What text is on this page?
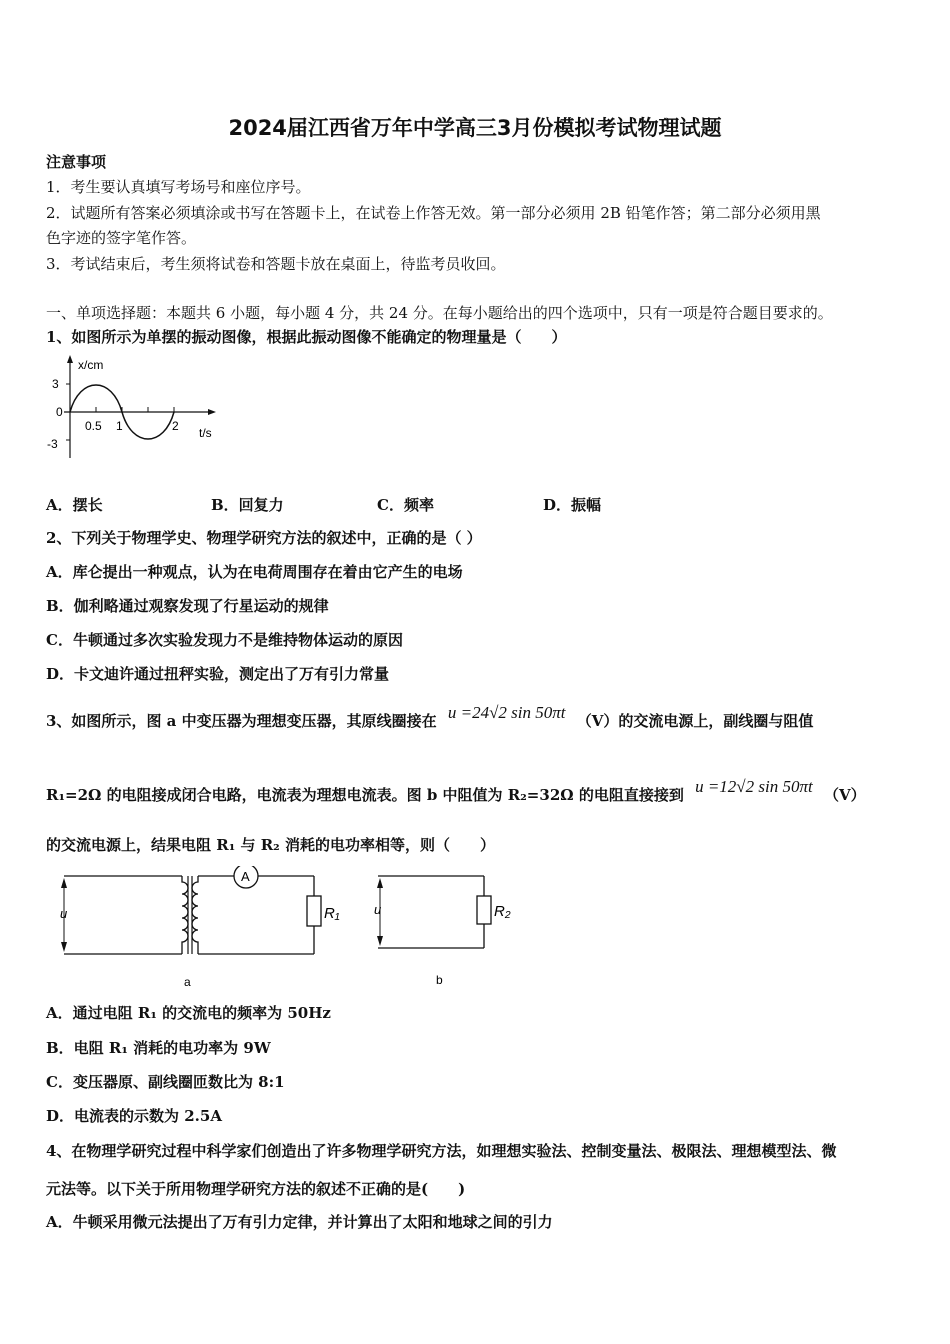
2024届江西省万年中学高三3月份模拟考试物理试题
注意事项
1．考生要认真填写考场号和座位序号。
2．试题所有答案必须填涂或书写在答题卡上，在试卷上作答无效。第一部分必须用 2B 铅笔作答；第二部分必须用黑
色字迹的签字笔作答。
3．考试结束后，考生须将试卷和答题卡放在桌面上，待监考员收回。
一、单项选择题：本题共 6 小题，每小题 4 分，共 24 分。在每小题给出的四个选项中，只有一项是符合题目要求的。
1、如图所示为单摆的振动图像，根据此振动图像不能确定的物理量是（　　）
x/cm
t/s
3
-3
0
0.5 1	2
A．摆长	B．回复力	C．频率	D．振幅
2、下列关于物理学史、物理学研究方法的叙述中，正确的是（ ）
A．库仑提出一种观点，认为在电荷周围存在着由它产生的电场
B．伽利略通过观察发现了行星运动的规律
C．牛顿通过多次实验发现力不是维持物体运动的原因
D．卡文迪许通过扭秤实验，测定出了万有引力常量
3、如图所示，图 a 中变压器为理想变压器，其原线圈接在 u =24√2 sin 50πt （V）的交流电源上，副线圈与阻值
R₁=2Ω 的电阻接成闭合电路，电流表为理想电流表。图 b 中阻值为 R₂=32Ω 的电阻直接接到 u =12√2 sin 50πt （V）
的交流电源上，结果电阻 R₁ 与 R₂ 消耗的电功率相等，则（　　）
u
A
R₁
a
u	R₂
b
A．通过电阻 R₁ 的交流电的频率为 50Hz
B．电阻 R₁ 消耗的电功率为 9W
C．变压器原、副线圈匝数比为 8:1
D．电流表的示数为 2.5A
4、在物理学研究过程中科学家们创造出了许多物理学研究方法，如理想实验法、控制变量法、极限法、理想模型法、微
元法等。以下关于所用物理学研究方法的叙述不正确的是(　　)
A．牛顿采用微元法提出了万有引力定律，并计算出了太阳和地球之间的引力
